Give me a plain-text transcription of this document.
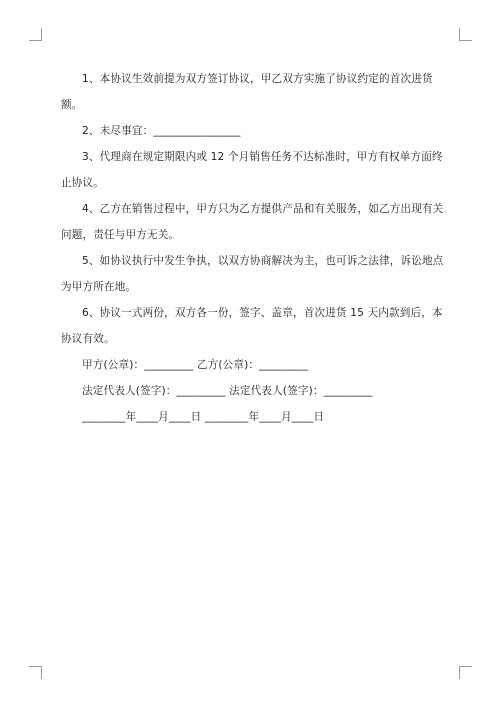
1、本协议生效前提为双方签订协议，甲乙双方实施了协议约定的首次进货额。

2、未尽事宜：________________

3、代理商在规定期限内或 12 个月销售任务不达标准时，甲方有权单方面终止协议。

4、乙方在销售过程中，甲方只为乙方提供产品和有关服务，如乙方出现有关问题，责任与甲方无关。

5、如协议执行中发生争执，以双方协商解决为主，也可诉之法律，诉讼地点为甲方所在地。

6、协议一式两份，双方各一份，签字、盖章，首次进货 15 天内款到后，本协议有效。

甲方(公章)：_________ 乙方(公章)：_________

法定代表人(签字)：_________ 法定代表人(签字)：_________

________年____月____日 ________年____月____日
